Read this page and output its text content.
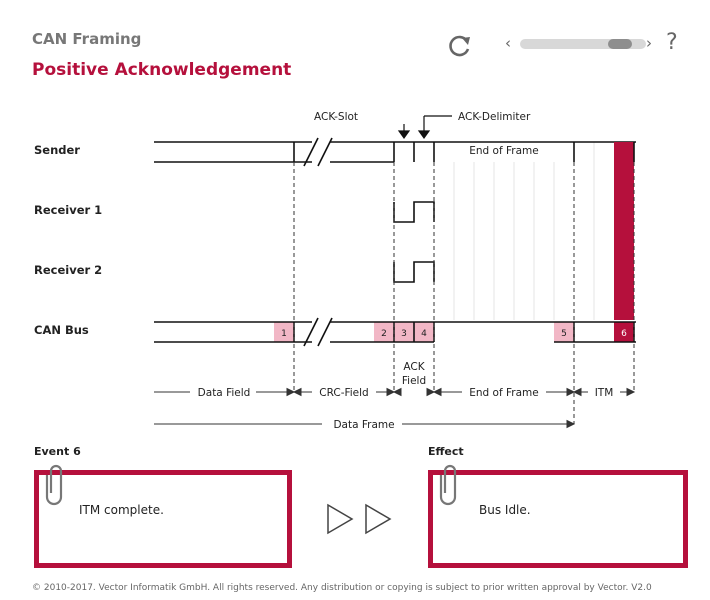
CAN Framing
Positive Acknowledgement
‹	› ?
Sender
Receiver 1
Receiver 2
CAN Bus	1	2 3 4	5	6
ACK-Slot	ACK-Delimiter
End of Frame
Data Field	CRC-Field
ACK
Field
End of Frame	ITM
Data Frame
Event 6
ITM complete.
Effect
Bus Idle.
© 2010-2017. Vector Informatik GmbH. All rights reserved. Any distribution or copying is subject to prior written approval by Vector. V2.0
